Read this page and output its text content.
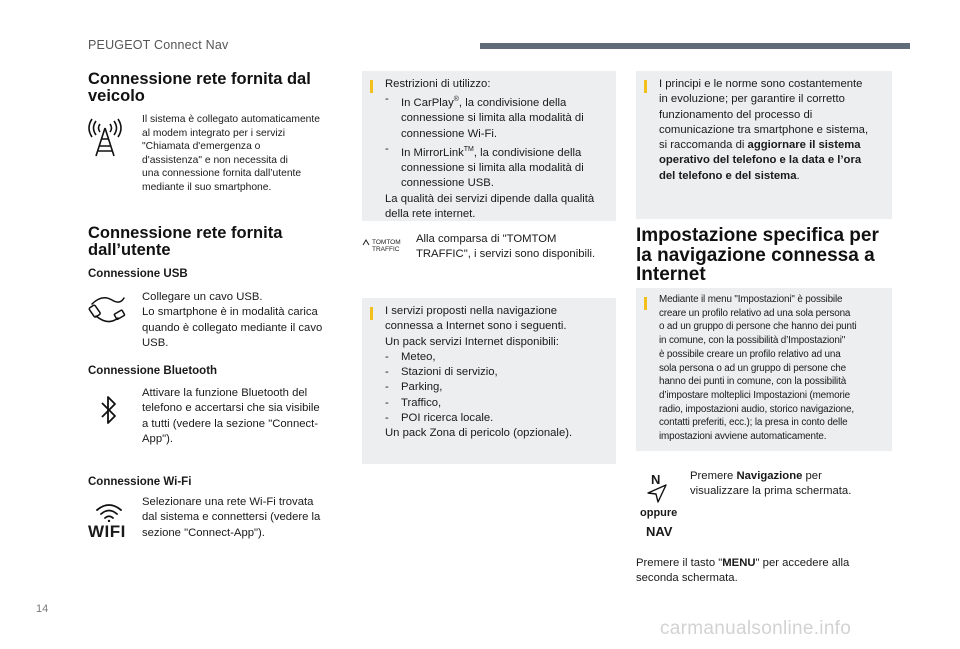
PEUGEOT Connect Nav
Connessione rete fornita dal
veicolo
Il sistema è collegato automaticamente
al modem integrato per i servizi
"Chiamata d'emergenza o
d'assistenza" e non necessita di
una connessione fornita dall’utente
mediante il suo smartphone.
Connessione rete fornita
dall’utente
Connessione USB
Collegare un cavo USB.
Lo smartphone è in modalità carica
quando è collegato mediante il cavo
USB.
Connessione Bluetooth
Attivare la funzione Bluetooth del
telefono e accertarsi che sia visibile
a tutti (vedere la sezione "Connect-
App").
Connessione Wi-Fi
WIFI
Selezionare una rete Wi-Fi trovata
dal sistema e connettersi (vedere la
sezione "Connect-App").
Restrizioni di utilizzo:
- In CarPlay®, la condivisione della
connessione si limita alla modalità di
connessione Wi-Fi.
- In MirrorLink™, la condivisione della
connessione si limita alla modalità di
connessione USB.
La qualità dei servizi dipende dalla qualità
della rete internet.
TOMTOM
TRAFFIC
Alla comparsa di "TOMTOM
TRAFFIC", i servizi sono disponibili.
I servizi proposti nella navigazione
connessa a Internet sono i seguenti.
Un pack servizi Internet disponibili:
- Meteo,
- Stazioni di servizio,
- Parking,
- Traffico,
- POI ricerca locale.
Un pack Zona di pericolo (opzionale).
I principi e le norme sono costantemente
in evoluzione; per garantire il corretto
funzionamento del processo di
comunicazione tra smartphone e sistema,
si raccomanda di aggiornare il sistema
operativo del telefono e la data e l’ora
del telefono e del sistema.
Impostazione specifica per
la navigazione connessa a
Internet
Mediante il menu "Impostazioni" è possibile
creare un profilo relativo ad una sola persona
o ad un gruppo di persone che hanno dei punti
in comune, con la possibilità d’Impostazioni"
è possibile creare un profilo relativo ad una
sola persona o ad un gruppo di persone che
hanno dei punti in comune, con la possibilità
d’impostare molteplici Impostazioni (memorie
radio, impostazioni audio, storico navigazione,
contatti preferiti, ecc.); la presa in conto delle
impostazioni avviene automaticamente.
N
oppure
NAV
Premere Navigazione per
visualizzare la prima schermata.
Premere il tasto "MENU" per accedere alla
seconda schermata.
14
carmanualsonline.info
